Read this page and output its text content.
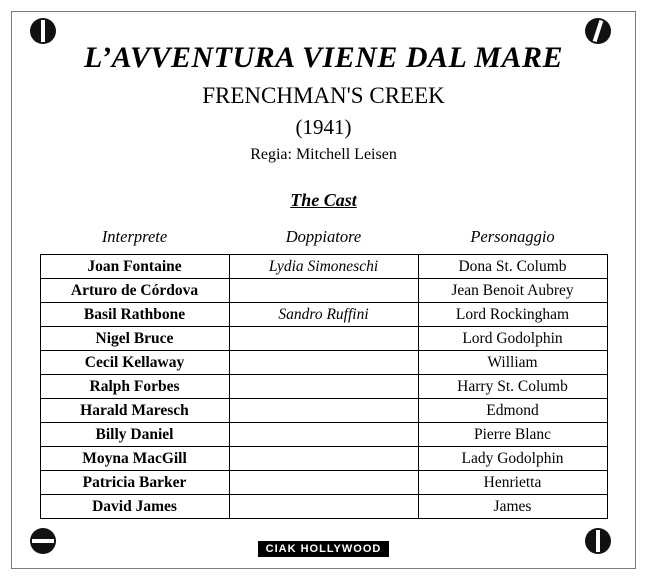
L’AVVENTURA VIENE DAL MARE
FRENCHMAN'S CREEK
(1941)
Regia: Mitchell Leisen
The Cast
Interprete	Doppiatore	Personaggio
Joan Fontaine	Lydia Simoneschi	Dona St. Columb
Arturo de Córdova		Jean Benoit Aubrey
Basil Rathbone	Sandro Ruffini	Lord Rockingham
Nigel Bruce		Lord Godolphin
Cecil Kellaway		William
Ralph Forbes		Harry St. Columb
Harald Maresch		Edmond
Billy Daniel		Pierre Blanc
Moyna MacGill		Lady Godolphin
Patricia Barker		Henrietta
David James		James
CIAK HOLLYWOOD
